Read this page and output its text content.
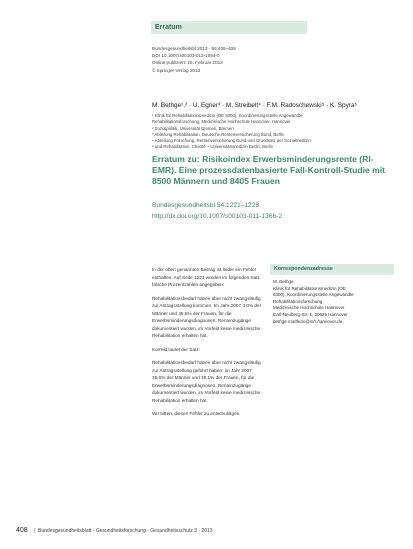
Erratum
Bundesgesundheitsbl 2013 · 56:408–408
DOI 10.1007/s00103-013-1694-0
Online publiziert: 26. Februar 2013
© Springer-Verlag 2013
M. Bethge¹,² · U. Egner³ · M. Streibelt⁴ · F.M. Radoschewski⁵ · K. Spyra⁵
¹ Klinik für Rehabilitationsmedizin (OE 8300), Koordinierungsstelle Angewandte
Rehabilitationsforschung, Medizinische Hochschule Hannover, Hannover
² Sozialpolitik, Universität Bremen, Bremen
³ Abteilung Rehabilitation, Deutsche Rentenversicherung Bund, Berlin
⁴ Abteilung Forschung, Rentenversicherung Bund und Grundsatz der Sozialmedizin
⁵ und Rehabilitation, Charité – Universitätsmedizin Berlin, Berlin
Erratum zu: Risikoindex Erwerbsminderungsrente (RI-EMR). Eine prozessdatenbasierte Fall-Kontroll-Studie mit 8500 Männern und 8405 Frauen
Bundesgesundheitsbl 54:1221–1228
http://dx.doi.org/10.1007/s00103-011-1366-2

In der oben genannten Beitrag ist leider ein Fehler enthalten. Auf Seite 1223 wurden im folgenden Satz falsche Prozentzahlen angegeben:

Rehabilitationsbedarf haben aber nicht zwangsläufig zur Antragsstellung kommen. Im Jahr 2007 4,0% der Männer und 35,5% der Frauen, für die Erwerbsminderungsdiagnosen. Rentenzugänge dokumentiert wurden, im Vorfeld keine medizinische Rehabilitation erhalten hat.

Korrekt lautet der Satz:

Rehabilitationsbedarf haben aber nicht zwangsläufig zur Antragsstellung geführt haben: im Jahr 2007 35,6% der Männer und 39,1% der Frauen, für die Erwerbsminderungsdiagnosen. Rentenzugänge dokumentiert wurden, im Vorfeld keine medizinische Rehabilitation erhalten hat.

Wir bitten, diesen Fehler zu entschuldigen.

Korrespondenzadresse
M. Bethge
Klinik für Rehabilitationsmedizin (OE
8300), Koordinierungsstelle Angewandte
Rehabilitationsforschung,
Medizinische Hochschule Hannover
Carl-Neuberg-Str. 1, 30625 Hannover
bethge.matthias@mh-hannover.de
408 | Bundesgesundheitsblatt - Gesundheitsforschung - Gesundheitsschutz 3 · 2013
